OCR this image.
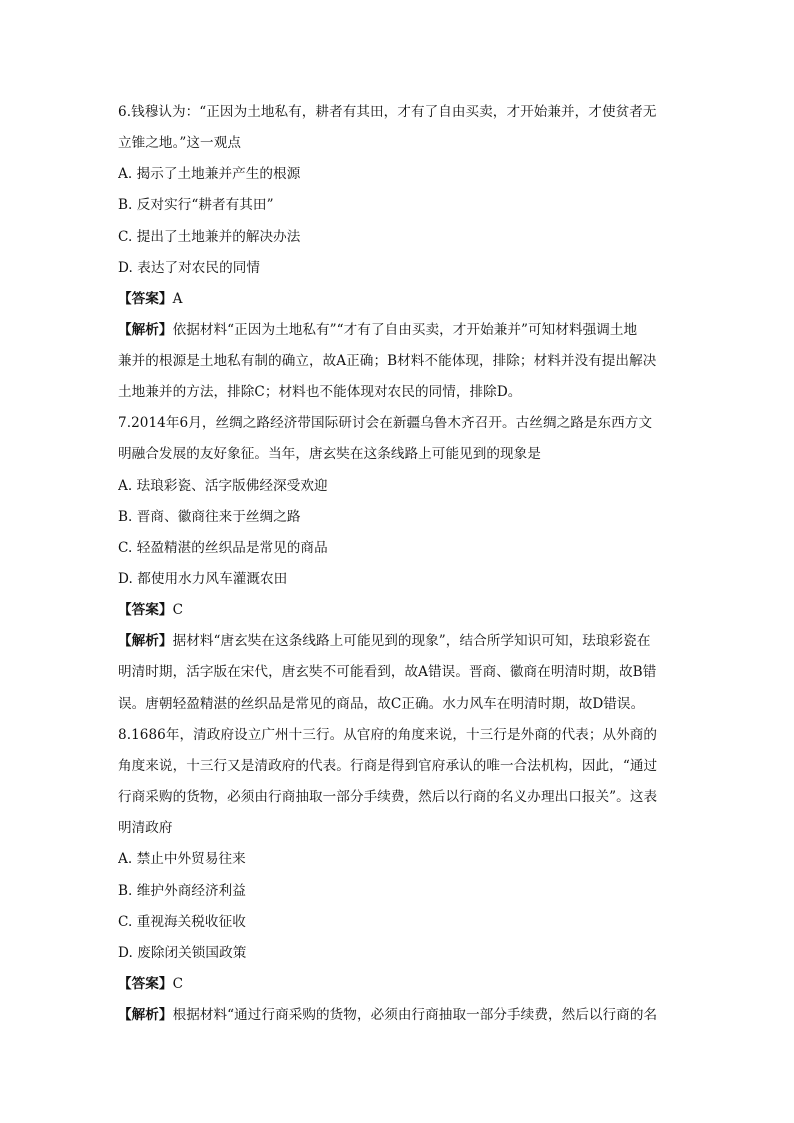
6.钱穆认为：“正因为土地私有，耕者有其田，才有了自由买卖，才开始兼并，才使贫者无
立锥之地。”这一观点
A. 揭示了土地兼并产生的根源
B. 反对实行“耕者有其田”
C. 提出了土地兼并的解决办法
D. 表达了对农民的同情
【答案】A
【解析】依据材料“正因为土地私有”“才有了自由买卖，才开始兼并”可知材料强调土地
兼并的根源是土地私有制的确立，故A正确；B材料不能体现，排除；材料并没有提出解决
土地兼并的方法，排除C；材料也不能体现对农民的同情，排除D。
7.2014年6月，丝绸之路经济带国际研讨会在新疆乌鲁木齐召开。古丝绸之路是东西方文
明融合发展的友好象征。当年，唐玄奘在这条线路上可能见到的现象是
A. 珐琅彩瓷、活字版佛经深受欢迎
B. 晋商、徽商往来于丝绸之路
C. 轻盈精湛的丝织品是常见的商品
D. 都使用水力风车灌溉农田
【答案】C
【解析】据材料“唐玄奘在这条线路上可能见到的现象”，结合所学知识可知，珐琅彩瓷在
明清时期，活字版在宋代，唐玄奘不可能看到，故A错误。晋商、徽商在明清时期，故B错
误。唐朝轻盈精湛的丝织品是常见的商品，故C正确。水力风车在明清时期，故D错误。
8.1686年，清政府设立广州十三行。从官府的角度来说，十三行是外商的代表；从外商的
角度来说，十三行又是清政府的代表。行商是得到官府承认的唯一合法机构，因此，“通过
行商采购的货物，必须由行商抽取一部分手续费，然后以行商的名义办理出口报关”。这表
明清政府
A. 禁止中外贸易往来
B. 维护外商经济利益
C. 重视海关税收征收
D. 废除闭关锁国政策
【答案】C
【解析】根据材料“通过行商采购的货物，必须由行商抽取一部分手续费，然后以行商的名
